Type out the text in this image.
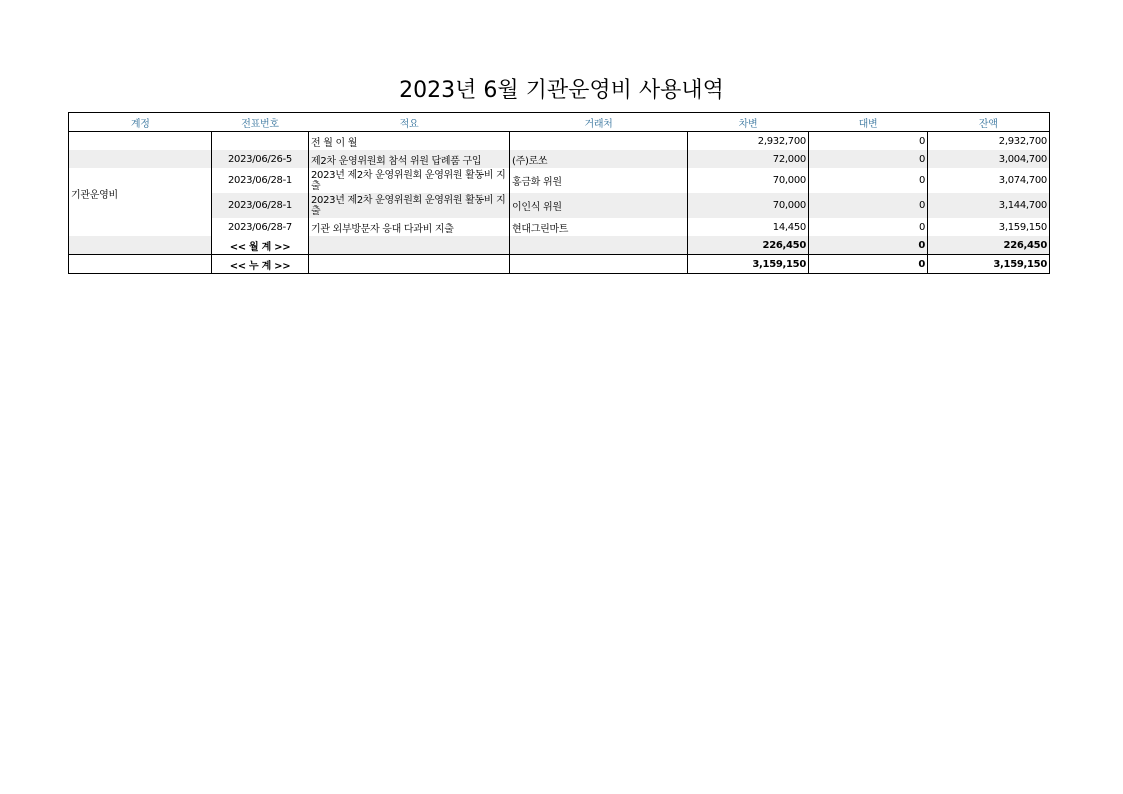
2023년 6월 기관운영비 사용내역
계정	전표번호	적요	거래처	차변	대변	잔액
		전 월 이 월		2,932,700	0	2,932,700
	2023/06/26-5	제2차 운영위원회 참석 위원 답례품 구입	(주)로쏘	72,000	0	3,004,700
기관운영비	2023/06/28-1	2023년 제2차 운영위원회 운영위원 활동비 지출	홍금화 위원	70,000	0	3,074,700
	2023/06/28-1	2023년 제2차 운영위원회 운영위원 활동비 지출	이인식 위원	70,000	0	3,144,700
	2023/06/28-7	기관 외부방문자 응대 다과비 지출	현대그린마트	14,450	0	3,159,150
	<< 월 계 >>			226,450	0	226,450
	<< 누 계 >>			3,159,150	0	3,159,150
